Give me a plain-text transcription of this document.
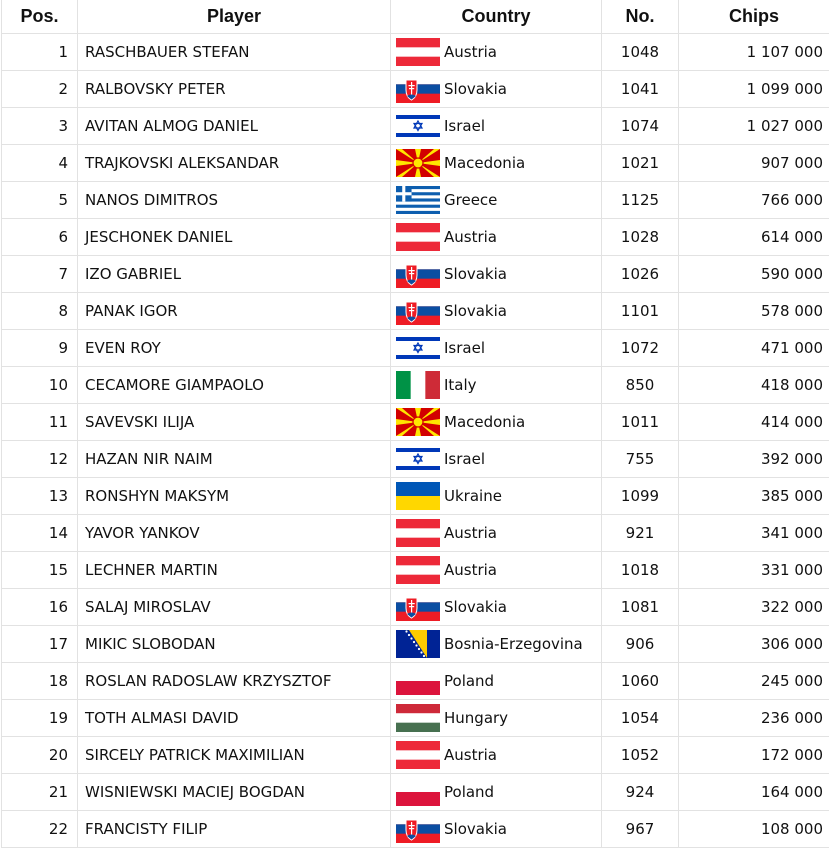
Pos.	Player	Country	No.	Chips
1	RASCHBAUER STEFAN	Austria	1048	1 107 000
2	RALBOVSKY PETER	Slovakia	1041	1 099 000
3	AVITAN ALMOG DANIEL	Israel	1074	1 027 000
4	TRAJKOVSKI ALEKSANDAR	Macedonia	1021	907 000
5	NANOS DIMITROS	Greece	1125	766 000
6	JESCHONEK DANIEL	Austria	1028	614 000
7	IZO GABRIEL	Slovakia	1026	590 000
8	PANAK IGOR	Slovakia	1101	578 000
9	EVEN ROY	Israel	1072	471 000
10	CECAMORE GIAMPAOLO	Italy	850	418 000
11	SAVEVSKI ILIJA	Macedonia	1011	414 000
12	HAZAN NIR NAIM	Israel	755	392 000
13	RONSHYN MAKSYM	Ukraine	1099	385 000
14	YAVOR YANKOV	Austria	921	341 000
15	LECHNER MARTIN	Austria	1018	331 000
16	SALAJ MIROSLAV	Slovakia	1081	322 000
17	MIKIC SLOBODAN	Bosnia-Erzegovina	906	306 000
18	ROSLAN RADOSLAW KRZYSZTOF	Poland	1060	245 000
19	TOTH ALMASI DAVID	Hungary	1054	236 000
20	SIRCELY PATRICK MAXIMILIAN	Austria	1052	172 000
21	WISNIEWSKI MACIEJ BOGDAN	Poland	924	164 000
22	FRANCISTY FILIP	Slovakia	967	108 000
